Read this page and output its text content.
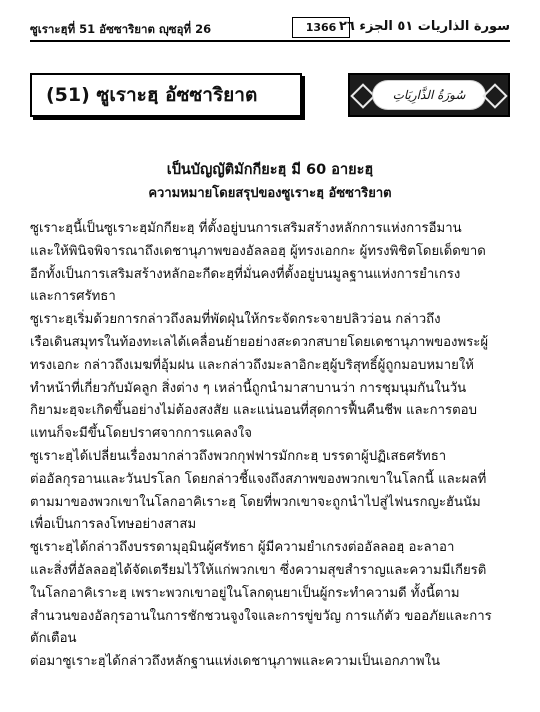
ซูเราะฮฺที่ 51 อัซซาริยาต ญุซอุที่ 26	1366 سورة الذاريات ٥١ الجزء ٢٦
(51) ซูเราะฮฺ อัซซาริยาต	سُورَةُ الذَّارِيَاتِ
เป็นบัญญัติมักกียะฮฺ มี 60 อายะฮฺ
ความหมายโดยสรุปของซูเราะฮฺ อัซซาริยาต
ซูเราะฮฺนี้เป็นซูเราะฮฺมักกียะฮฺ ที่ตั้งอยู่บนการเสริมสร้างหลักการแห่งการอีมาน
และให้พินิจพิจารณาถึงเดชานุภาพของอัลลอฮฺ ผู้ทรงเอกกะ ผู้ทรงพิชิตโดยเด็ดขาด
อีกทั้งเป็นการเสริมสร้างหลักอะกีดะฮฺที่มั่นคงที่ตั้งอยู่บนมูลฐานแห่งการยำเกรง
และการศรัทธา
ซูเราะฮฺเริ่มด้วยการกล่าวถึงลมที่พัดฝุ่นให้กระจัดกระจายปลิวว่อน กล่าวถึง
เรือเดินสมุทรในท้องทะเลได้เคลื่อนย้ายอย่างสะดวกสบายโดยเดชานุภาพของพระผู้
ทรงเอกะ กล่าวถึงเมฆที่อุ้มฝน และกล่าวถึงมะลาอิกะฮฺผู้บริสุทธิ์ผู้ถูกมอบหมายให้
ทำหน้าที่เกี่ยวกับมัคลูก สิ่งต่าง ๆ เหล่านี้ถูกนำมาสาบานว่า การชุมนุมกันในวัน
กิยามะฮฺจะเกิดขึ้นอย่างไม่ต้องสงสัย และแน่นอนที่สุดการฟื้นคืนชีพ และการตอบ
แทนก็จะมีขึ้นโดยปราศจากการแคลงใจ
ซูเราะฮฺได้เปลี่ยนเรื่องมากล่าวถึงพวกกุฟฟารมักกะฮฺ บรรดาผู้ปฏิเสธศรัทธา
ต่ออัลกุรอานและวันปรโลก โดยกล่าวชี้แจงถึงสภาพของพวกเขาในโลกนี้ และผลที่
ตามมาของพวกเขาในโลกอาคิเราะฮฺ โดยที่พวกเขาจะถูกนำไปสู่ไฟนรกญะฮันนัม
เพื่อเป็นการลงโทษอย่างสาสม
ซูเราะฮฺได้กล่าวถึงบรรดามุอฺมินผู้ศรัทธา ผู้มีความยำเกรงต่ออัลลอฮฺ อะลาอา
และสิ่งที่อัลลอฮฺได้จัดเตรียมไว้ให้แก่พวกเขา ซึ่งความสุขสำราญและความมีเกียรติ
ในโลกอาคิเราะฮฺ เพราะพวกเขาอยู่ในโลกดุนยาเป็นผู้กระทำความดี ทั้งนี้ตาม
สำนวนของอัลกุรอานในการชักชวนจูงใจและการขู่ขวัญ การแก้ตัว ขออภัยและการ
ตักเตือน
ต่อมาซูเราะฮฺได้กล่าวถึงหลักฐานแห่งเดชานุภาพและความเป็นเอกภาพใน
